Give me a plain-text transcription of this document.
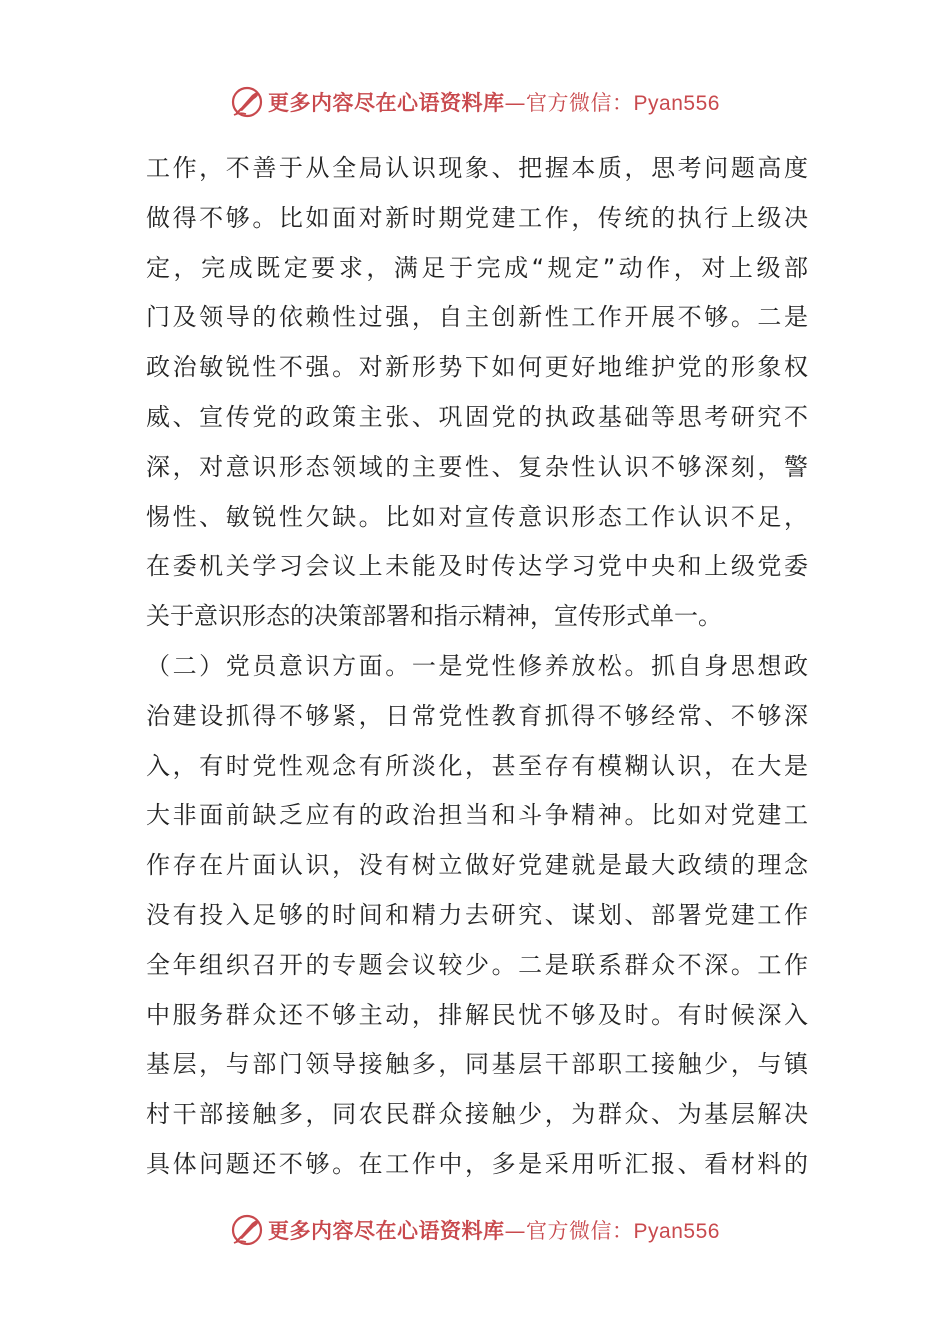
更多内容尽在心语资料库—官方微信：Pyan556
工作，不善于从全局认识现象、把握本质，思考问题高度
做得不够。比如面对新时期党建工作，传统的执行上级决
定，完成既定要求，满足于完成“规定”动作，对上级部
门及领导的依赖性过强，自主创新性工作开展不够。二是
政治敏锐性不强。对新形势下如何更好地维护党的形象权
威、宣传党的政策主张、巩固党的执政基础等思考研究不
深，对意识形态领域的主要性、复杂性认识不够深刻，警
惕性、敏锐性欠缺。比如对宣传意识形态工作认识不足，
在委机关学习会议上未能及时传达学习党中央和上级党委
关于意识形态的决策部署和指示精神，宣传形式单一。
（二）党员意识方面。一是党性修养放松。抓自身思想政
治建设抓得不够紧，日常党性教育抓得不够经常、不够深
入，有时党性观念有所淡化，甚至存有模糊认识，在大是
大非面前缺乏应有的政治担当和斗争精神。比如对党建工
作存在片面认识，没有树立做好党建就是最大政绩的理念
没有投入足够的时间和精力去研究、谋划、部署党建工作
全年组织召开的专题会议较少。二是联系群众不深。工作
中服务群众还不够主动，排解民忧不够及时。有时候深入
基层，与部门领导接触多，同基层干部职工接触少，与镇
村干部接触多，同农民群众接触少，为群众、为基层解决
具体问题还不够。在工作中，多是采用听汇报、看材料的
更多内容尽在心语资料库—官方微信：Pyan556
